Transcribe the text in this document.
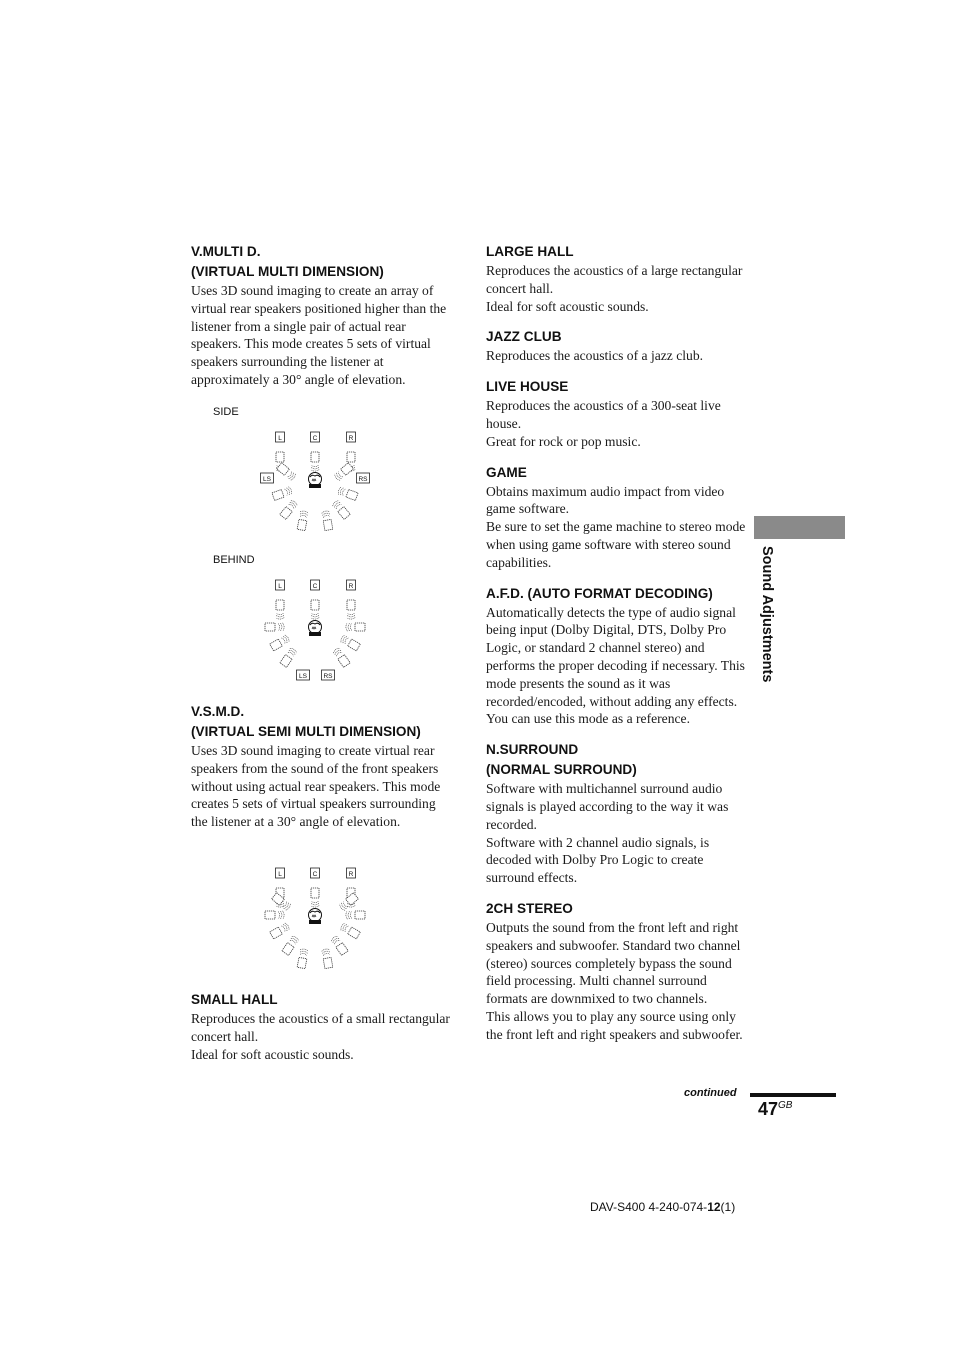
V.MULTI D.

(VIRTUAL MULTI DIMENSION)

Uses 3D sound imaging to create an array of virtual rear speakers positioned higher than the listener from a single pair of actual rear speakers. This mode creates 5 sets of virtual speakers surrounding the listener at approximately a 30° angle of elevation.

SIDE
BEHIND
L	C	R
LS	RS
L	C	R
LS	RS
L	C	R

V.S.M.D.

(VIRTUAL SEMI MULTI DIMENSION)

Uses 3D sound imaging to create virtual rear speakers from the sound of the front speakers without using actual rear speakers. This mode creates 5 sets of virtual speakers surrounding the listener at a 30° angle of elevation.

SMALL HALL

Reproduces the acoustics of a small rectangular concert hall.

Ideal for soft acoustic sounds.

LARGE HALL

Reproduces the acoustics of a large rectangular concert hall.

Ideal for soft acoustic sounds.

JAZZ CLUB

Reproduces the acoustics of a jazz club.

LIVE HOUSE

Reproduces the acoustics of a 300-seat live house.

Great for rock or pop music.

GAME

Obtains maximum audio impact from video game software.

Be sure to set the game machine to stereo mode when using game software with stereo sound capabilities.

A.F.D. (AUTO FORMAT DECODING)

Automatically detects the type of audio signal being input (Dolby Digital, DTS, Dolby Pro Logic, or standard 2 channel stereo) and performs the proper decoding if necessary. This mode presents the sound as it was recorded/encoded, without adding any effects.

You can use this mode as a reference.

N.SURROUND

(NORMAL SURROUND)

Software with multichannel surround audio signals is played according to the way it was recorded.

Software with 2 channel audio signals, is decoded with Dolby Pro Logic to create surround effects.

2CH STEREO

Outputs the sound from the front left and right speakers and subwoofer. Standard two channel (stereo) sources completely bypass the sound field processing. Multi channel surround formats are downmixed to two channels.

This allows you to play any source using only the front left and right speakers and subwoofer.

Sound Adjustments
continued
$47^{GB}$
DAV-S400 4-240-074-12(1)
